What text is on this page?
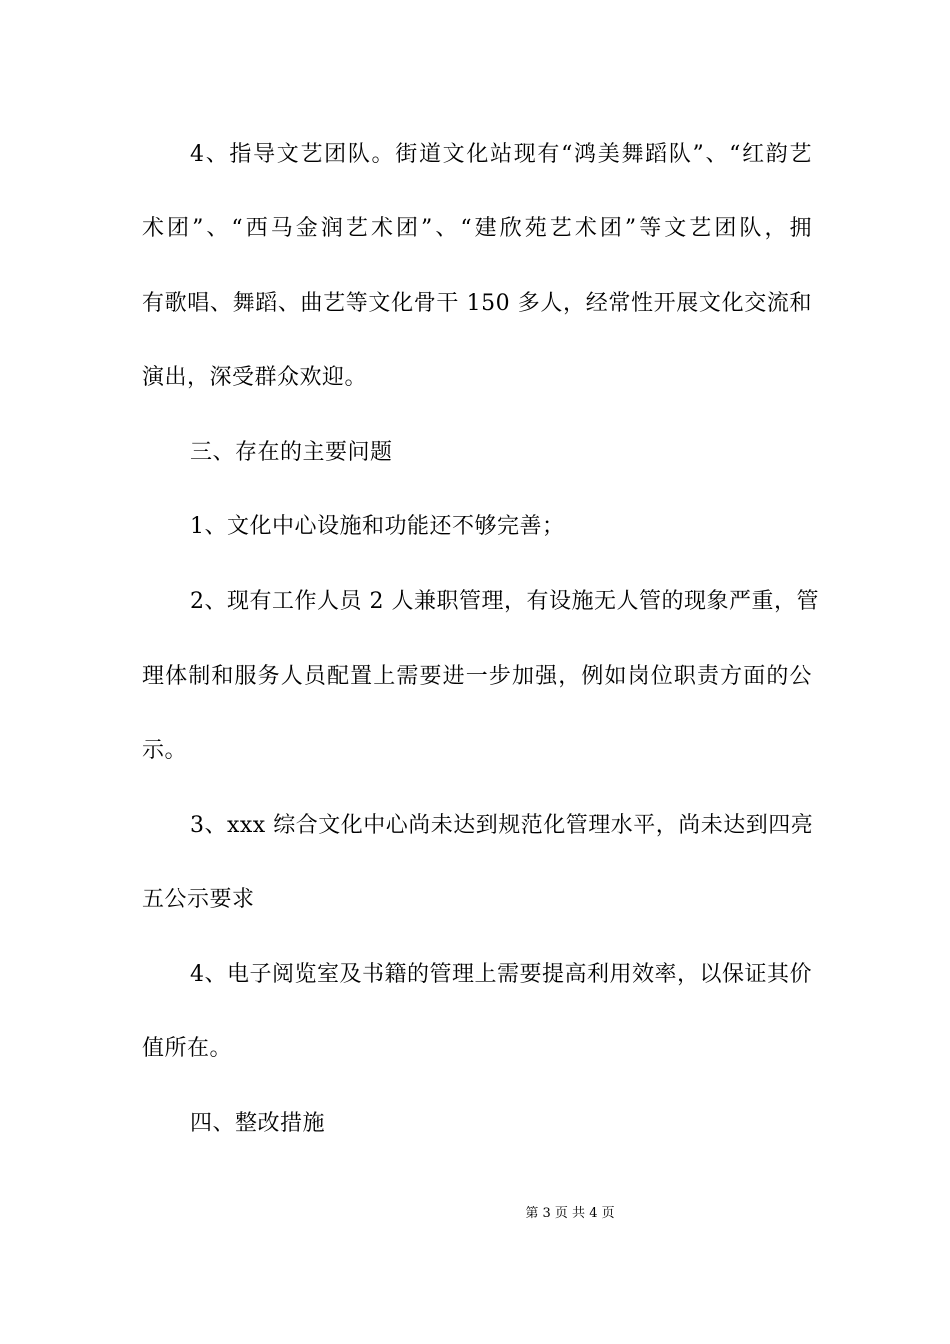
4、指导文艺团队。街道文化站现有“鸿美舞蹈队”、“红韵艺
术团”、“西马金润艺术团”、“建欣苑艺术团”等文艺团队，拥
有歌唱、舞蹈、曲艺等文化骨干 150 多人，经常性开展文化交流和
演出，深受群众欢迎。
三、存在的主要问题
1、文化中心设施和功能还不够完善；
2、现有工作人员 2 人兼职管理，有设施无人管的现象严重，管
理体制和服务人员配置上需要进一步加强，例如岗位职责方面的公
示。
3、xxx 综合文化中心尚未达到规范化管理水平，尚未达到四亮
五公示要求
4、电子阅览室及书籍的管理上需要提高利用效率，以保证其价
值所在。
四、整改措施
第 3 页 共 4 页
